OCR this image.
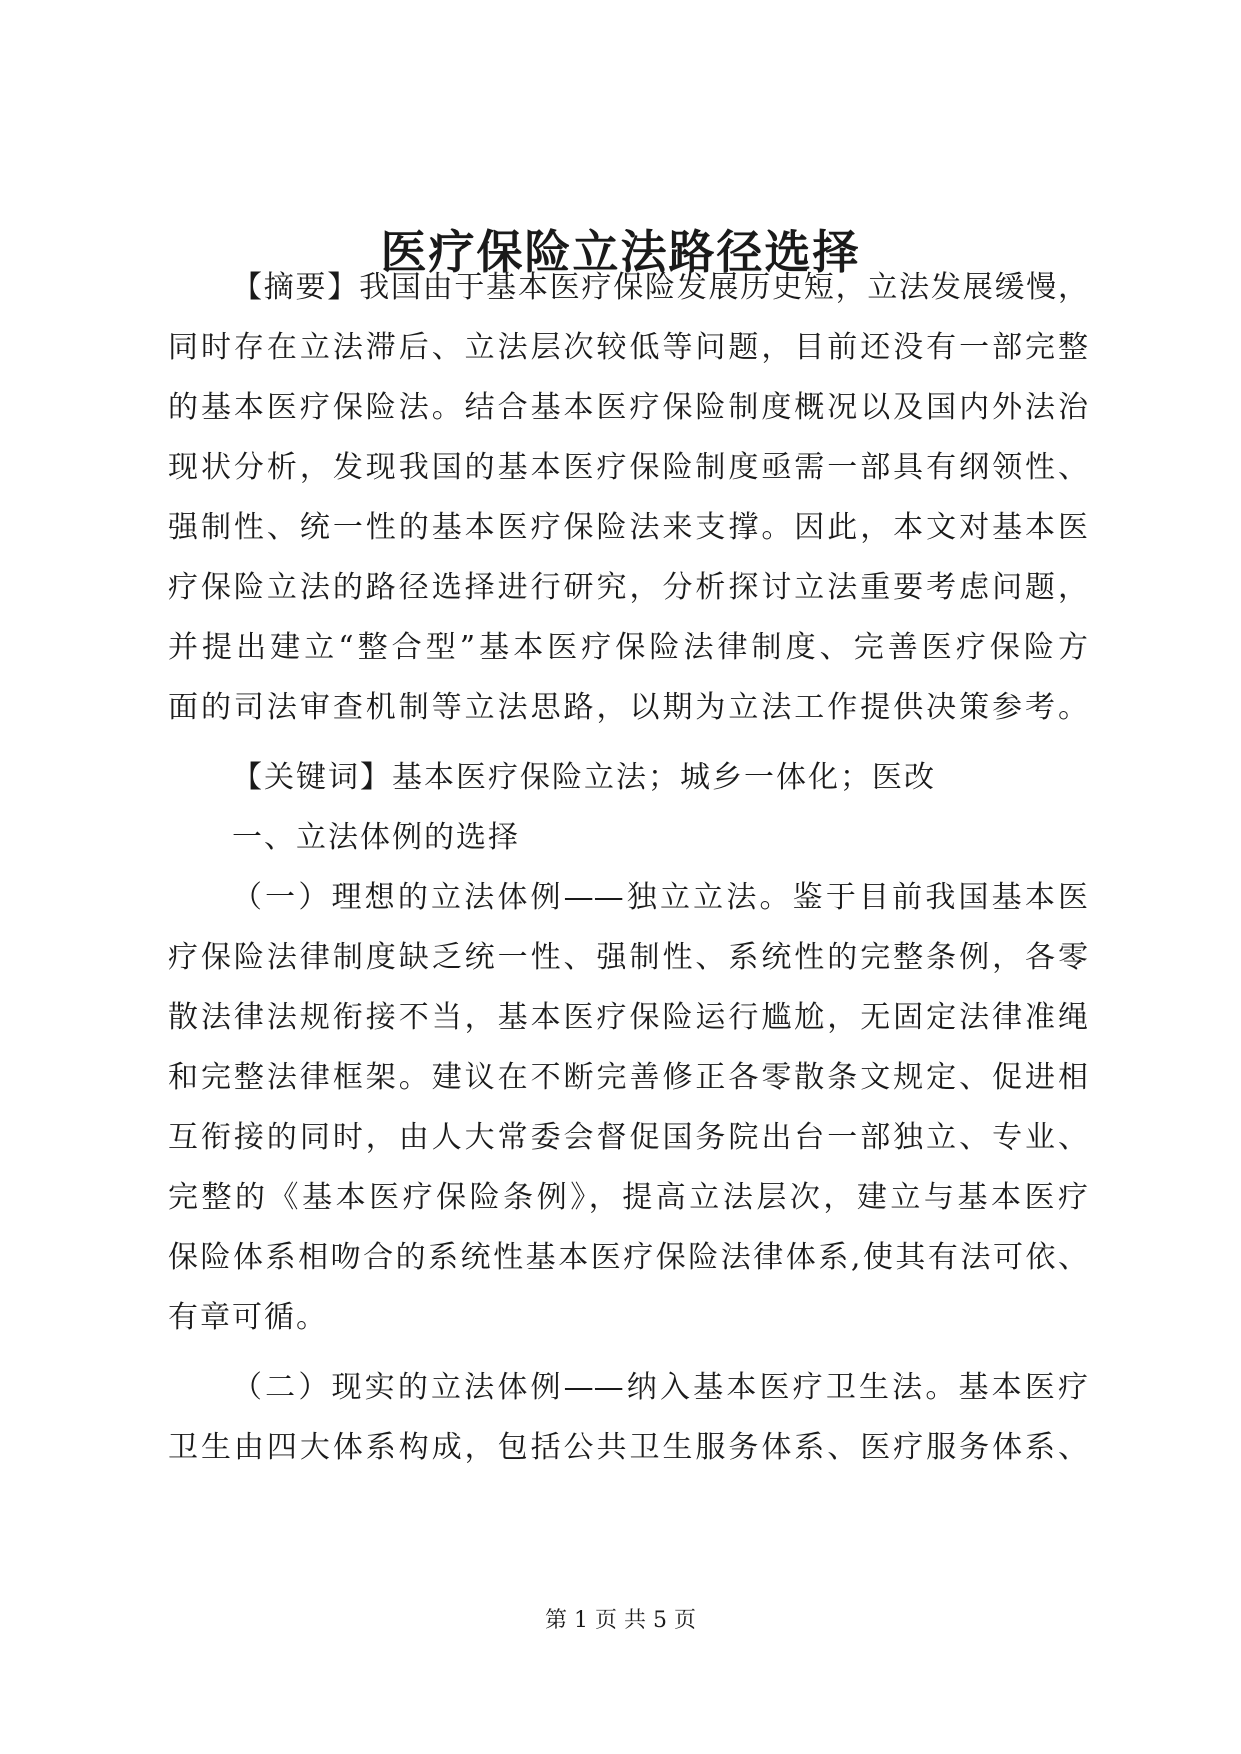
医疗保险立法路径选择
【摘要】我国由于基本医疗保险发展历史短，立法发展缓慢，
同时存在立法滞后、立法层次较低等问题，目前还没有一部完整
的基本医疗保险法。结合基本医疗保险制度概况以及国内外法治
现状分析，发现我国的基本医疗保险制度亟需一部具有纲领性、
强制性、统一性的基本医疗保险法来支撑。因此，本文对基本医
疗保险立法的路径选择进行研究，分析探讨立法重要考虑问题，
并提出建立“整合型”基本医疗保险法律制度、完善医疗保险方
面的司法审查机制等立法思路，以期为立法工作提供决策参考。
【关键词】基本医疗保险立法；城乡一体化；医改
一、立法体例的选择
（一）理想的立法体例——独立立法。鉴于目前我国基本医
疗保险法律制度缺乏统一性、强制性、系统性的完整条例，各零
散法律法规衔接不当，基本医疗保险运行尴尬，无固定法律准绳
和完整法律框架。建议在不断完善修正各零散条文规定、促进相
互衔接的同时，由人大常委会督促国务院出台一部独立、专业、
完整的《基本医疗保险条例》，提高立法层次，建立与基本医疗
保险体系相吻合的系统性基本医疗保险法律体系,使其有法可依、
有章可循。
（二）现实的立法体例——纳入基本医疗卫生法。基本医疗
卫生由四大体系构成，包括公共卫生服务体系、医疗服务体系、
第 1 页 共 5 页
